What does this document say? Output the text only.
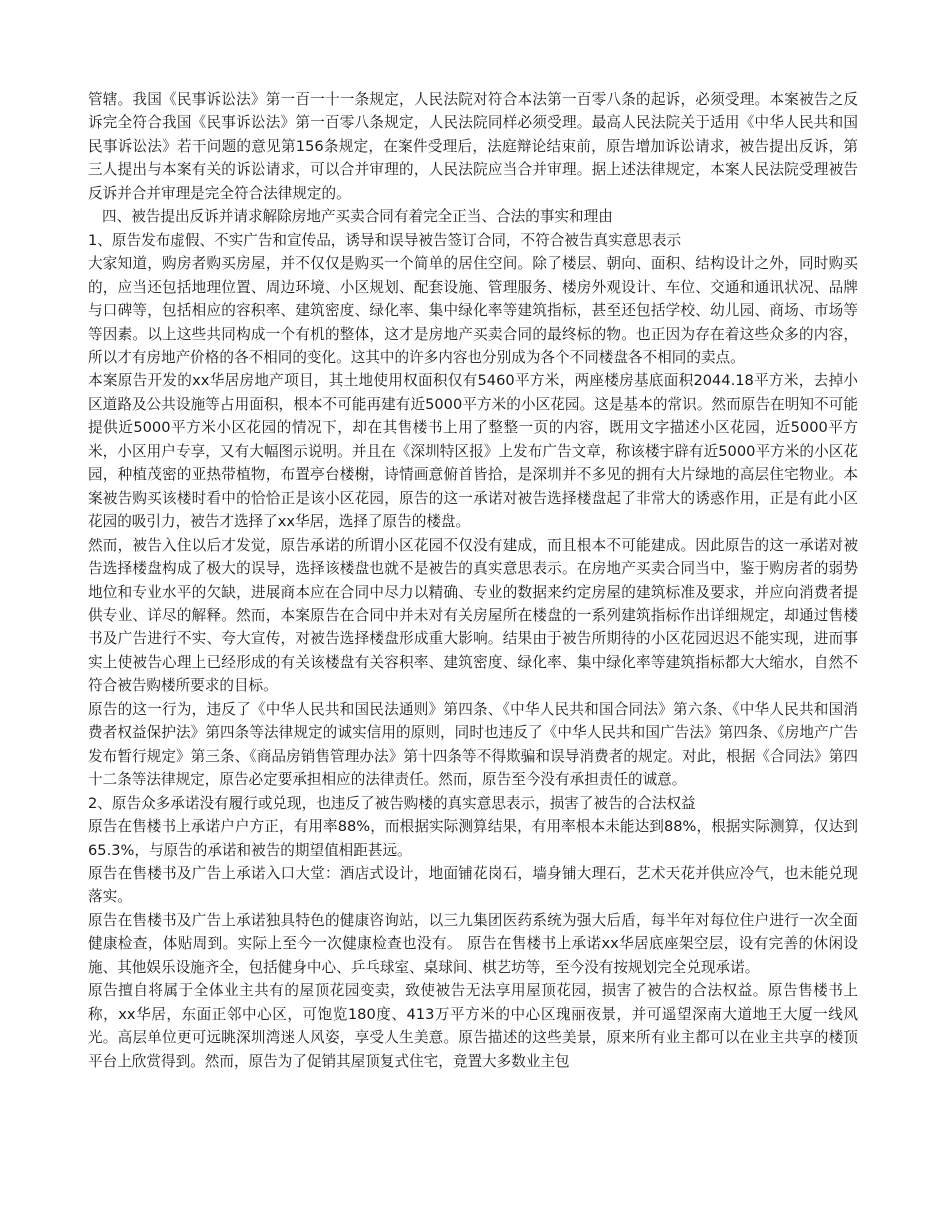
管辖。我国《民事诉讼法》第一百一十一条规定，人民法院对符合本法第一百零八条的起诉，必须受理。本案被告之反诉完全符合我国《民事诉讼法》第一百零八条规定，人民法院同样必须受理。最高人民法院关于适用《中华人民共和国民事诉讼法》若干问题的意见第156条规定，在案件受理后，法庭辩论结束前，原告增加诉讼请求，被告提出反诉，第三人提出与本案有关的诉讼请求，可以合并审理的，人民法院应当合并审理。据上述法律规定，本案人民法院受理被告反诉并合并审理是完全符合法律规定的。

四、被告提出反诉并请求解除房地产买卖合同有着完全正当、合法的事实和理由

1、原告发布虚假、不实广告和宣传品，诱导和误导被告签订合同，不符合被告真实意思表示

大家知道，购房者购买房屋，并不仅仅是购买一个简单的居住空间。除了楼层、朝向、面积、结构设计之外，同时购买的，应当还包括地理位置、周边环境、小区规划、配套设施、管理服务、楼房外观设计、车位、交通和通讯状况、品牌与口碑等，包括相应的容积率、建筑密度、绿化率、集中绿化率等建筑指标，甚至还包括学校、幼儿园、商场、市场等等因素。以上这些共同构成一个有机的整体，这才是房地产买卖合同的最终标的物。也正因为存在着这些众多的内容，所以才有房地产价格的各不相同的变化。这其中的许多内容也分别成为各个不同楼盘各不相同的卖点。

本案原告开发的xx华居房地产项目，其土地使用权面积仅有5460平方米，两座楼房基底面积2044.18平方米，去掉小区道路及公共设施等占用面积，根本不可能再建有近5000平方米的小区花园。这是基本的常识。然而原告在明知不可能提供近5000平方米小区花园的情况下，却在其售楼书上用了整整一页的内容，既用文字描述小区花园，近5000平方米，小区用户专享，又有大幅图示说明。并且在《深圳特区报》上发布广告文章，称该楼宇辟有近5000平方米的小区花园，种植茂密的亚热带植物，布置亭台楼榭，诗情画意俯首皆拾，是深圳并不多见的拥有大片绿地的高层住宅物业。本案被告购买该楼时看中的恰恰正是该小区花园，原告的这一承诺对被告选择楼盘起了非常大的诱惑作用，正是有此小区花园的吸引力，被告才选择了xx华居，选择了原告的楼盘。

然而，被告入住以后才发觉，原告承诺的所谓小区花园不仅没有建成，而且根本不可能建成。因此原告的这一承诺对被告选择楼盘构成了极大的误导，选择该楼盘也就不是被告的真实意思表示。在房地产买卖合同当中，鉴于购房者的弱势地位和专业水平的欠缺，进展商本应在合同中尽力以精确、专业的数据来约定房屋的建筑标准及要求，并应向消费者提供专业、详尽的解释。然而，本案原告在合同中并未对有关房屋所在楼盘的一系列建筑指标作出详细规定，却通过售楼书及广告进行不实、夸大宣传，对被告选择楼盘形成重大影响。结果由于被告所期待的小区花园迟迟不能实现，进而事实上使被告心理上已经形成的有关该楼盘有关容积率、建筑密度、绿化率、集中绿化率等建筑指标都大大缩水，自然不符合被告购楼所要求的目标。

原告的这一行为，违反了《中华人民共和国民法通则》第四条、《中华人民共和国合同法》第六条、《中华人民共和国消费者权益保护法》第四条等法律规定的诚实信用的原则，同时也违反了《中华人民共和国广告法》第四条、《房地产广告发布暂行规定》第三条、《商品房销售管理办法》第十四条等不得欺骗和误导消费者的规定。对此，根据《合同法》第四十二条等法律规定，原告必定要承担相应的法律责任。然而，原告至今没有承担责任的诚意。

2、原告众多承诺没有履行或兑现，也违反了被告购楼的真实意思表示，损害了被告的合法权益

原告在售楼书上承诺户户方正，有用率88%，而根据实际测算结果，有用率根本未能达到88%，根据实际测算，仅达到65.3%，与原告的承诺和被告的期望值相距甚远。

原告在售楼书及广告上承诺入口大堂：酒店式设计，地面铺花岗石，墙身铺大理石，艺术天花并供应冷气，也未能兑现落实。

原告在售楼书及广告上承诺独具特色的健康咨询站，以三九集团医药系统为强大后盾，每半年对每位住户进行一次全面健康检查，体贴周到。实际上至今一次健康检查也没有。 原告在售楼书上承诺xx华居底座架空层，设有完善的休闲设施、其他娱乐设施齐全，包括健身中心、乒乓球室、桌球间、棋艺坊等，至今没有按规划完全兑现承诺。

原告擅自将属于全体业主共有的屋顶花园变卖，致使被告无法享用屋顶花园，损害了被告的合法权益。原告售楼书上称，xx华居，东面正邻中心区，可饱览180度、413万平方米的中心区瑰丽夜景，并可遥望深南大道地王大厦一线风光。高层单位更可远眺深圳湾迷人风姿，享受人生美意。原告描述的这些美景，原来所有业主都可以在业主共享的楼顶平台上欣赏得到。然而，原告为了促销其屋顶复式住宅，竟置大多数业主包
